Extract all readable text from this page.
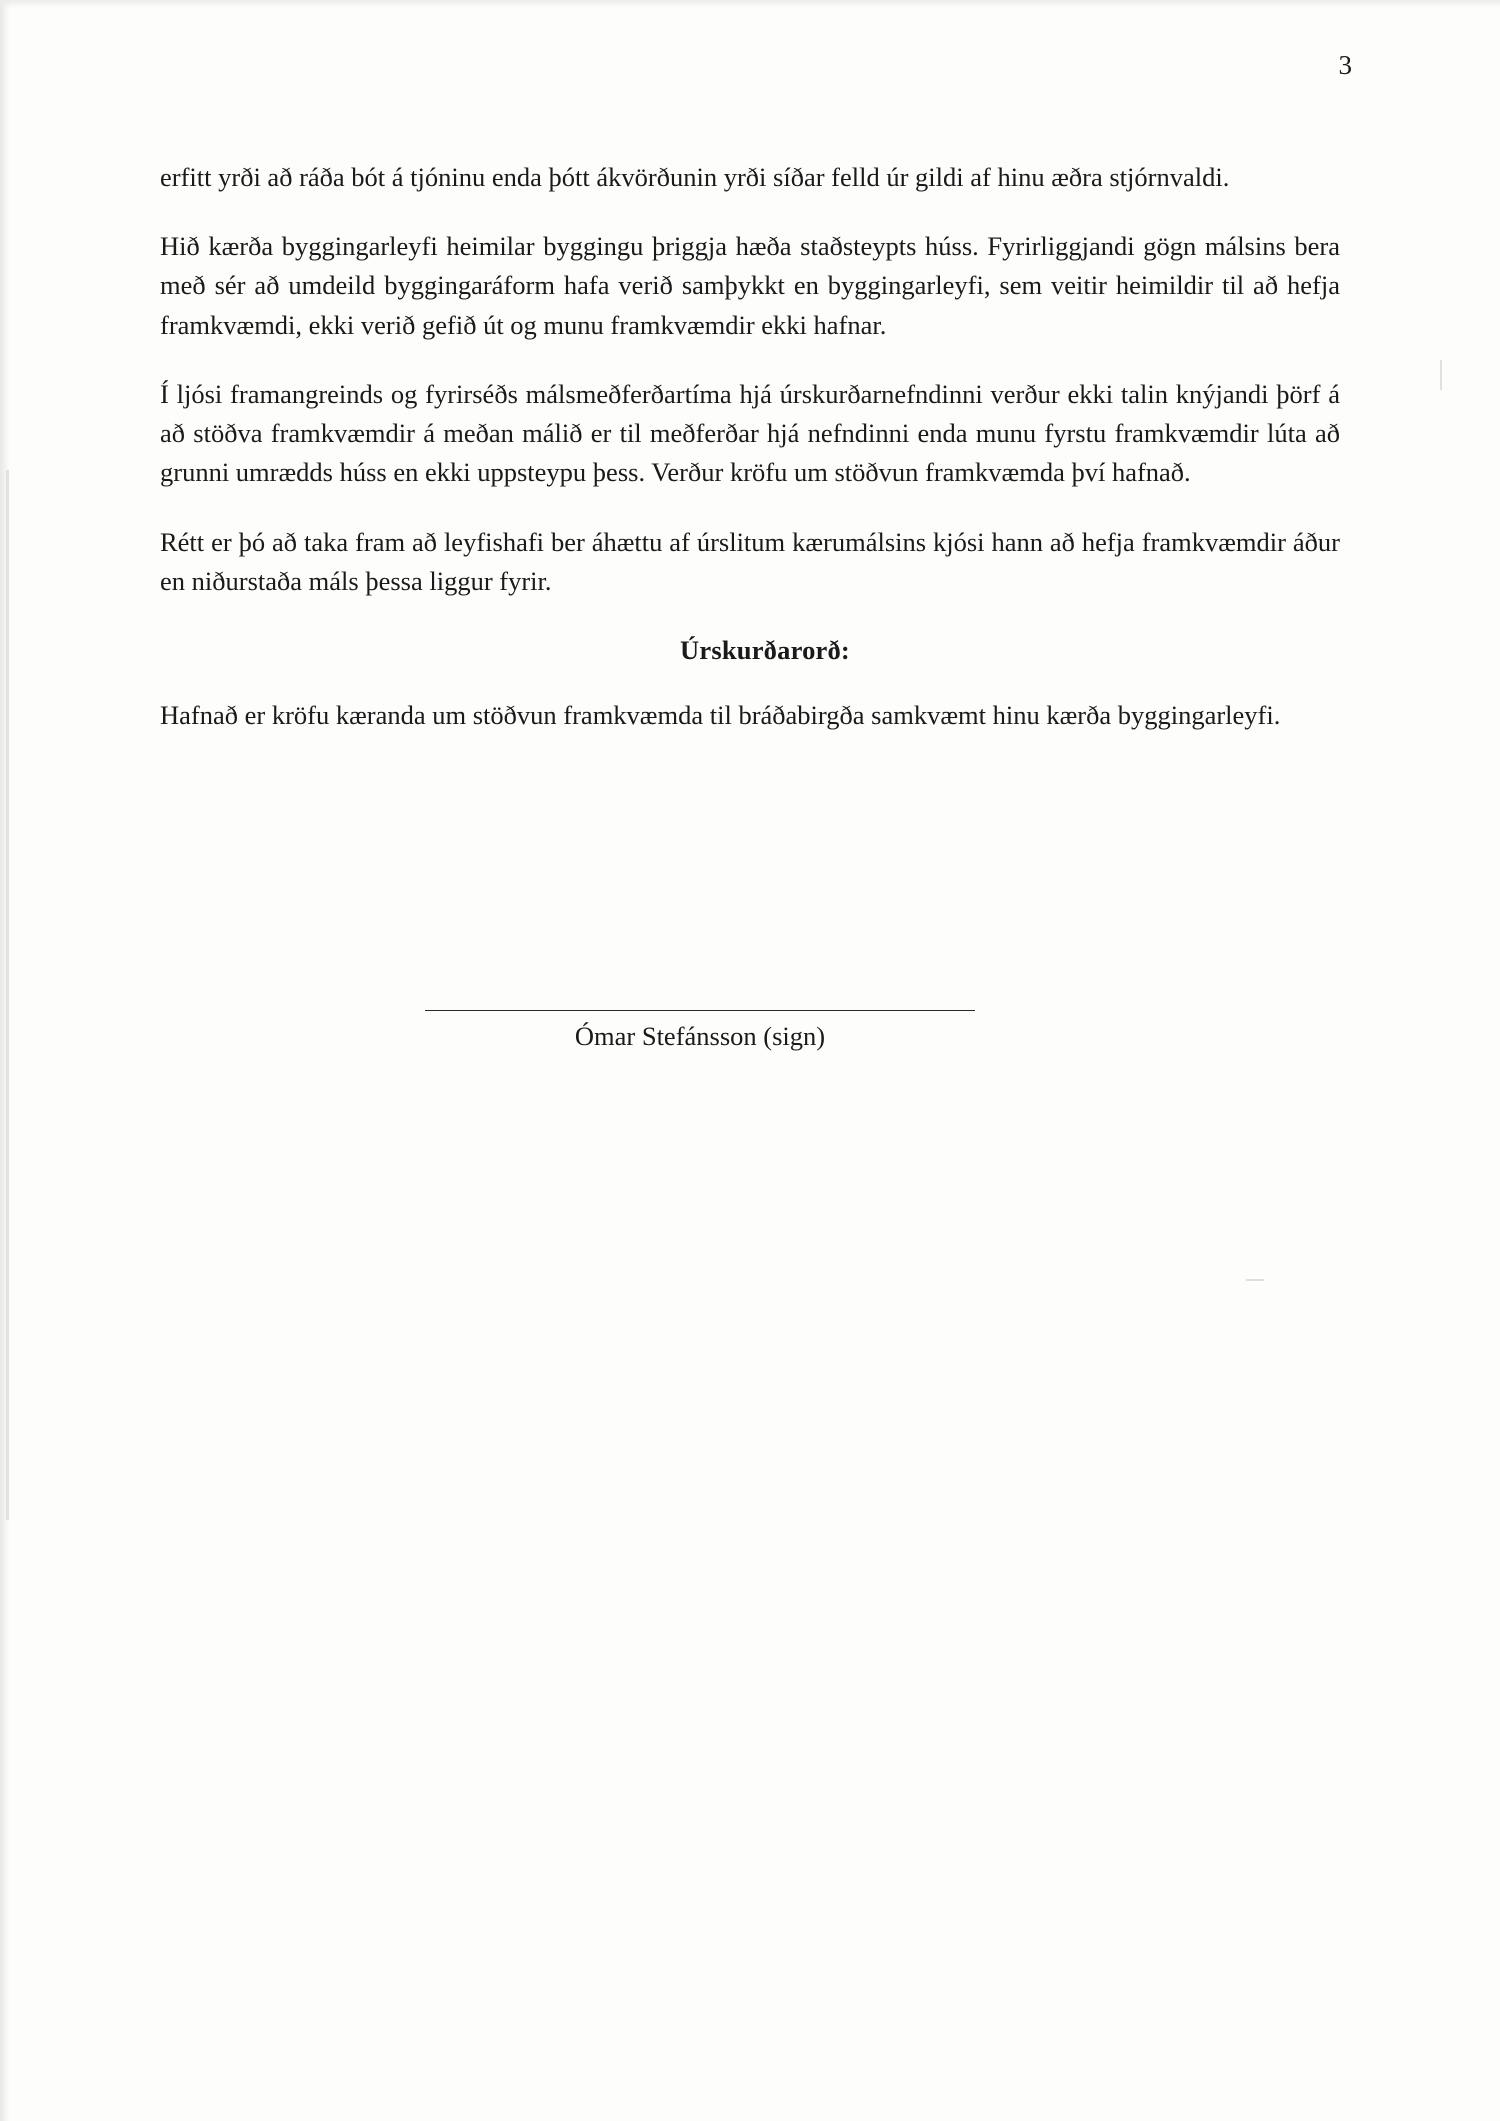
3

erfitt yrði að ráða bót á tjóninu enda þótt ákvörðunin yrði síðar felld úr gildi af hinu æðra stjórnvaldi.

Hið kærða byggingarleyfi heimilar byggingu þriggja hæða staðsteypts húss. Fyrirliggjandi gögn málsins bera með sér að umdeild byggingaráform hafa verið samþykkt en byggingarleyfi, sem veitir heimildir til að hefja framkvæmdi, ekki verið gefið út og munu framkvæmdir ekki hafnar.

Í ljósi framangreinds og fyrirséðs málsmeðferðartíma hjá úrskurðarnefndinni verður ekki talin knýjandi þörf á að stöðva framkvæmdir á meðan málið er til meðferðar hjá nefndinni enda munu fyrstu framkvæmdir lúta að grunni umrædds húss en ekki uppsteypu þess. Verður kröfu um stöðvun framkvæmda því hafnað.

Rétt er þó að taka fram að leyfishafi ber áhættu af úrslitum kærumálsins kjósi hann að hefja framkvæmdir áður en niðurstaða máls þessa liggur fyrir.

Úrskurðarorð:

Hafnað er kröfu kæranda um stöðvun framkvæmda til bráðabirgða samkvæmt hinu kærða byggingarleyfi.

Ómar Stefánsson (sign)
